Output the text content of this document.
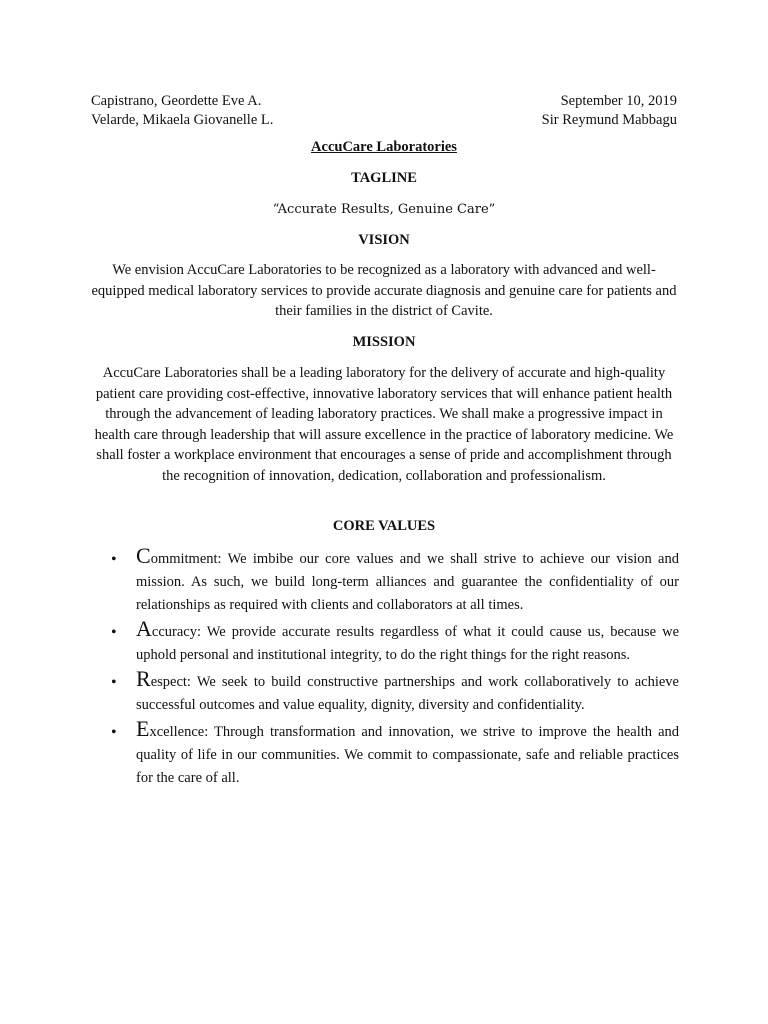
Capistrano, Geordette Eve A.
Velarde, Mikaela Giovanelle L.
September 10, 2019
Sir Reymund Mabbagu
AccuCare Laboratories
TAGLINE
“Accurate Results, Genuine Care”
VISION
We envision AccuCare Laboratories to be recognized as a laboratory with advanced and well-equipped medical laboratory services to provide accurate diagnosis and genuine care for patients and their families in the district of Cavite.
MISSION
AccuCare Laboratories shall be a leading laboratory for the delivery of accurate and high-quality patient care providing cost-effective, innovative laboratory services that will enhance patient health through the advancement of leading laboratory practices. We shall make a progressive impact in health care through leadership that will assure excellence in the practice of laboratory medicine. We shall foster a workplace environment that encourages a sense of pride and accomplishment through the recognition of innovation, dedication, collaboration and professionalism.
CORE VALUES
• Commitment: We imbibe our core values and we shall strive to achieve our vision and mission. As such, we build long-term alliances and guarantee the confidentiality of our relationships as required with clients and collaborators at all times.
• Accuracy: We provide accurate results regardless of what it could cause us, because we uphold personal and institutional integrity, to do the right things for the right reasons.
• Respect: We seek to build constructive partnerships and work collaboratively to achieve successful outcomes and value equality, dignity, diversity and confidentiality.
• Excellence: Through transformation and innovation, we strive to improve the health and quality of life in our communities. We commit to compassionate, safe and reliable practices for the care of all.
